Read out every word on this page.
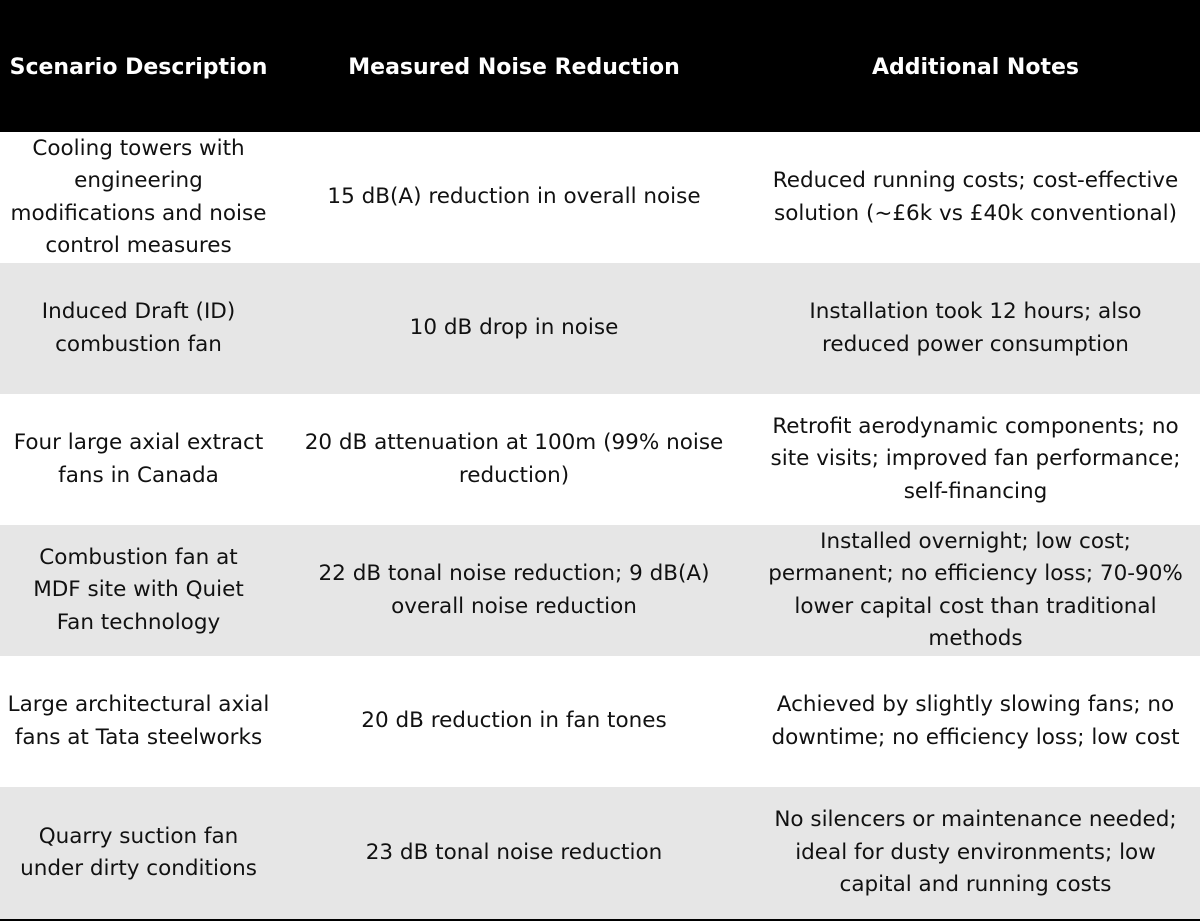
Scenario Description	Measured Noise Reduction	Additional Notes
Cooling towers with engineering modifications and noise control measures
15 dB(A) reduction in overall noise
Reduced running costs; cost-effective solution (~£6k vs £40k conventional)
Induced Draft (ID) combustion fan
10 dB drop in noise
Installation took 12 hours; also reduced power consumption
Four large axial extract fans in Canada
20 dB attenuation at 100m (99% noise reduction)
Retrofit aerodynamic components; no site visits; improved fan performance; self-financing
Combustion fan at MDF site with Quiet Fan technology
22 dB tonal noise reduction; 9 dB(A) overall noise reduction
Installed overnight; low cost; permanent; no efficiency loss; 70-90% lower capital cost than traditional methods
Large architectural axial fans at Tata steelworks
20 dB reduction in fan tones
Achieved by slightly slowing fans; no downtime; no efficiency loss; low cost
Quarry suction fan under dirty conditions
23 dB tonal noise reduction
No silencers or maintenance needed; ideal for dusty environments; low capital and running costs
